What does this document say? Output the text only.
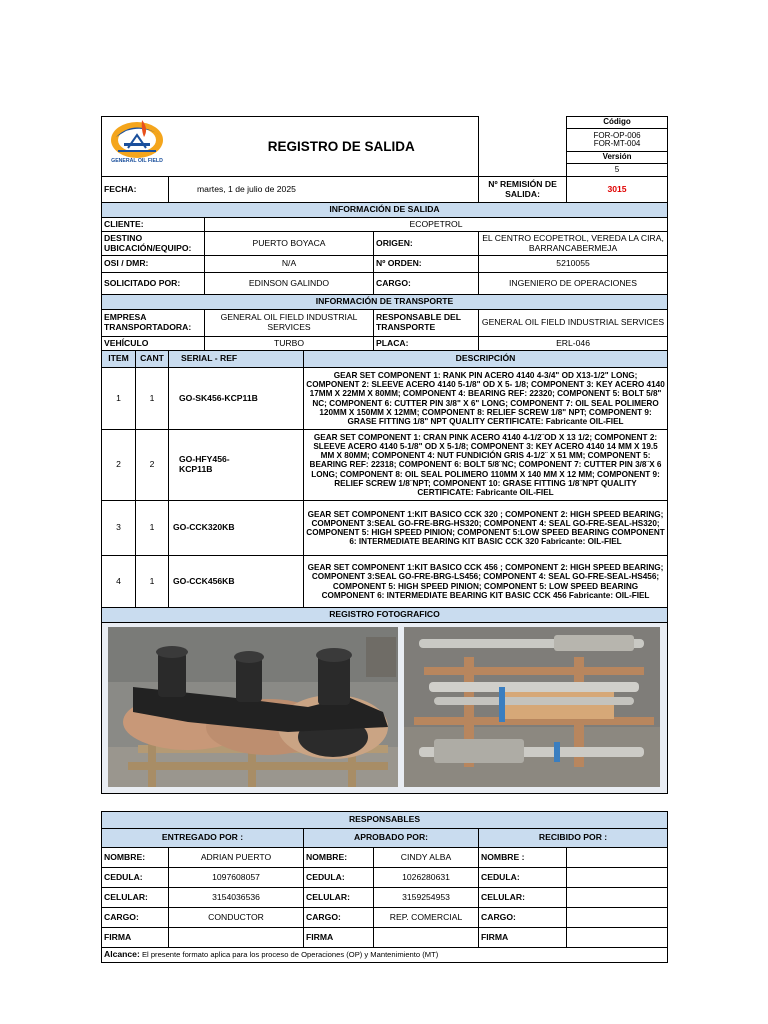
GENERAL OIL FIELD			REGISTRO DE SALIDA				Código

							FOR-OP-006
FOR-MT-004

							Versión
5

FECHA:		martes, 1 de julio de 2025				Nº REMISIÓN DE SALIDA:	3015
INFORMACIÓN DE SALIDA							
CLIENTE:			ECOPETROL				
DESTINO UBICACIÓN/EQUIPO:			PUERTO BOYACA		ORIGEN:	EL CENTRO ECOPETROL, VEREDA LA CIRA, BARRANCABERMEJA	
OSI / DMR:			N/A		Nº ORDEN:	5210055	
SOLICITADO POR:			EDINSON GALINDO		CARGO:	INGENIERO DE OPERACIONES	
INFORMACIÓN DE TRANSPORTE							
EMPRESA TRANSPORTADORA:			GENERAL OIL FIELD INDUSTRIAL SERVICES		RESPONSABLE DEL TRANSPORTE	GENERAL OIL FIELD INDUSTRIAL SERVICES	
VEHÍCULO			TURBO		PLACA:	ERL-046	
ITEM	CANT	SERIAL - REF		DESCRIPCIÓN			
1	1	GO-SK456-KCP11B		GEAR SET COMPONENT 1: RANK PIN ACERO 4140 4-3/4" OD X13-1/2" LONG; COMPONENT 2: SLEEVE ACERO 4140 5-1/8" OD X 5- 1/8; COMPONENT 3: KEY ACERO 4140 17MM X 22MM X 80MM; COMPONENT 4: BEARING REF: 22320; COMPONENT 5: BOLT 5/8" NC; COMPONENT 6: CUTTER PIN 3/8" X 6" LONG; COMPONENT 7: OIL SEAL POLIMERO 120MM X 150MM X 12MM; COMPONENT 8: RELIEF SCREW 1/8" NPT; COMPONENT 9: GRASE FITTING 1/8" NPT QUALITY CERTIFICATE: Fabricante OIL-FIEL			
2	2	GO-HFY456-KCP11B		GEAR SET COMPONENT 1: CRAN PINK ACERO 4140 4-1/2¨OD X 13 1/2; COMPONENT 2: SLEEVE ACERO 4140 5-1/8" OD X 5-1/8; COMPONENT 3: KEY ACERO 4140 14 MM X 19.5 MM X 80MM; COMPONENT 4: NUT FUNDICIÓN GRIS 4-1/2¨ X 51 MM; COMPONENT 5: BEARING REF: 22318; COMPONENT 6: BOLT 5/8¨NC; COMPONENT 7: CUTTER PIN 3/8¨X 6 LONG; COMPONENT 8: OIL SEAL POLIMERO 110MM X 140 MM X 12 MM; COMPONENT 9: RELIEF SCREW 1/8¨NPT; COMPONENT 10: GRASE FITTING 1/8¨NPT QUALITY CERTIFICATE: Fabricante OIL-FIEL			
3	1	GO-CCK320KB		GEAR SET COMPONENT 1:KIT BASICO CCK 320 ; COMPONENT 2: HIGH SPEED BEARING; COMPONENT 3:SEAL GO-FRE-BRG-HS320; COMPONENT 4: SEAL GO-FRE-SEAL-HS320; COMPONENT 5: HIGH SPEED PINION; COMPONENT 5:LOW SPEED BEARING COMPONENT 6: INTERMEDIATE BEARING KIT BASIC CCK 320 Fabricante: OIL-FIEL			
4	1	GO-CCK456KB		GEAR SET COMPONENT 1:KIT BASICO CCK 456 ; COMPONENT 2: HIGH SPEED BEARING; COMPONENT 3:SEAL GO-FRE-BRG-LS456; COMPONENT 4: SEAL GO-FRE-SEAL-HS456; COMPONENT 5: HIGH SPEED PINION; COMPONENT 5: LOW SPEED BEARING COMPONENT 6: INTERMEDIATE BEARING KIT BASIC CCK 456 Fabricante: OIL-FIEL			
REGISTRO FOTOGRAFICO							

RESPONSABLES							
ENTREGADO POR :				APROBADO POR:		RECIBIDO POR :	
NOMBRE:		ADRIAN PUERTO		NOMBRE:	CINDY ALBA	NOMBRE :	
CEDULA:		1097608057		CEDULA:	1026280631	CEDULA:	
CELULAR:		3154036536		CELULAR:	3159254953	CELULAR:	
CARGO:		CONDUCTOR		CARGO:	REP. COMERCIAL	CARGO:	
FIRMA				FIRMA		FIRMA	
Alcance: El presente formato aplica para los proceso de Operaciones (OP) y Mantenimiento (MT)							
